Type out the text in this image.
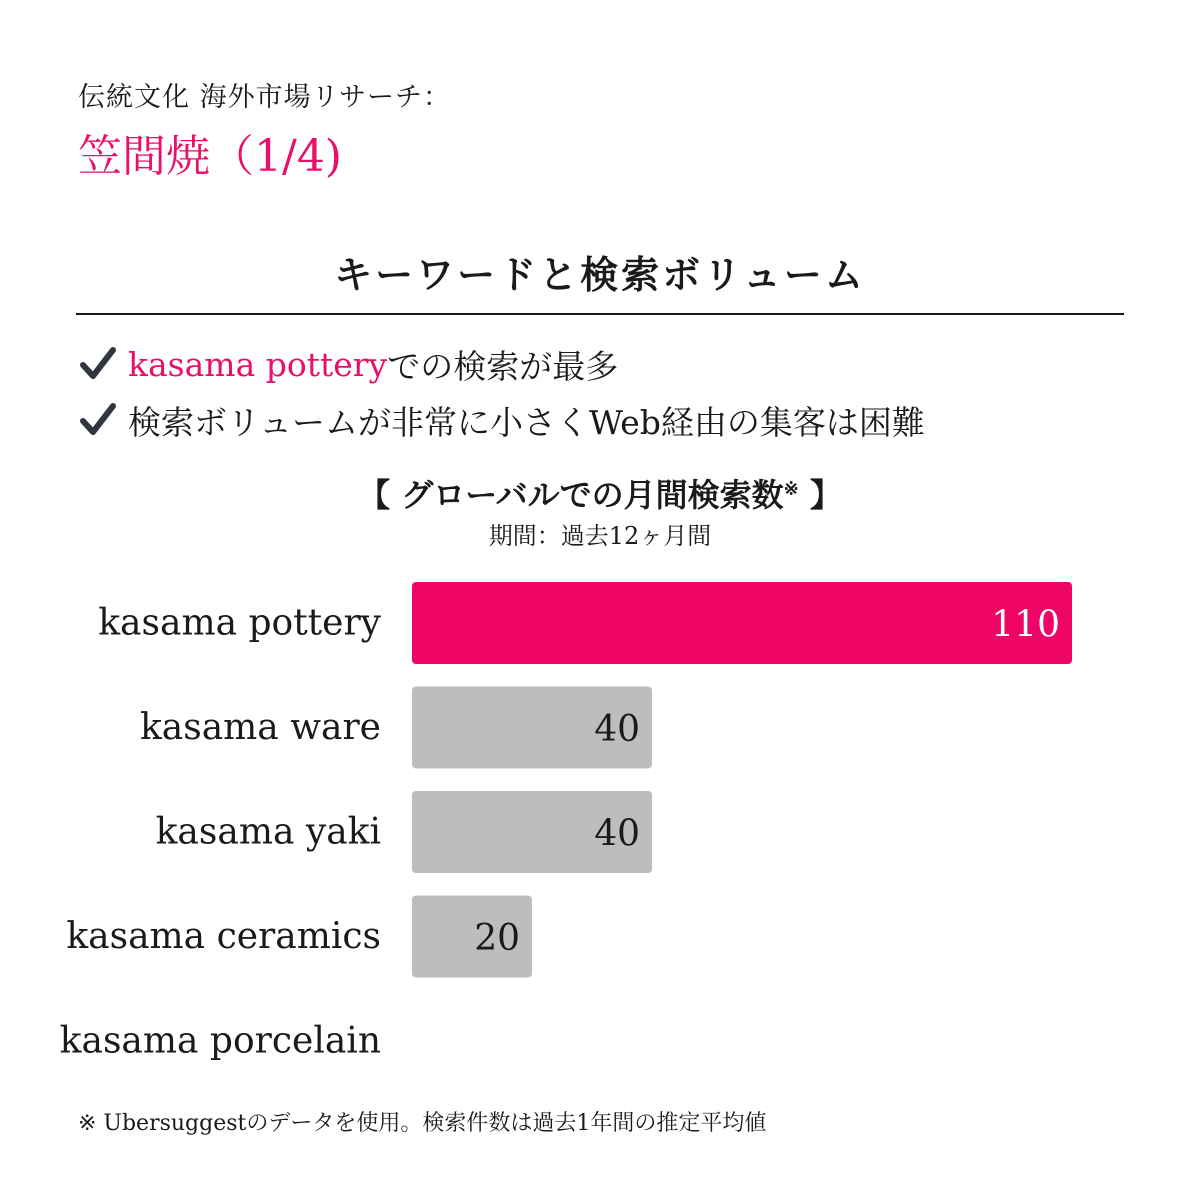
伝統文化 海外市場リサーチ：
笠間焼（1/4)
キーワードと検索ボリューム
kasama pottery での検索が最多
検索ボリュームが非常に小さくWeb経由の集客は困難
【 グローバルでの月間検索数※ 】
期間：過去12ヶ月間
kasama pottery	110
kasama ware	40
kasama yaki	40
kasama ceramics	20
kasama porcelain
※ Ubersuggestのデータを使用。検索件数は過去1年間の推定平均値
